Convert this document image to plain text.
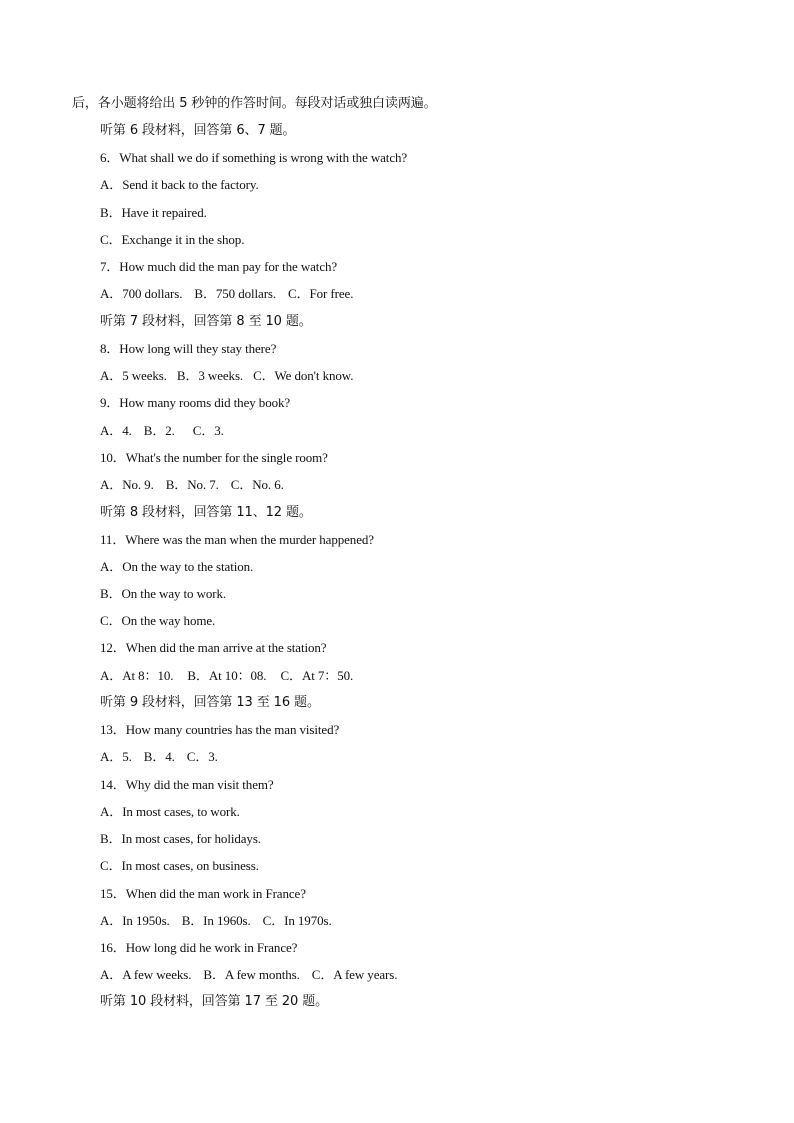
后，各小题将给出 5 秒钟的作答时间。每段对话或独白读两遍。
听第 6 段材料，回答第 6、7 题。
6．What shall we do if something is wrong with the watch?
A．Send it back to the factory.
B．Have it repaired.
C．Exchange it in the shop.
7．How much did the man pay for the watch?
A．700 dollars. B．750 dollars. C．For free.
听第 7 段材料，回答第 8 至 10 题。
8．How long will they stay there?
A．5 weeks. B．3 weeks. C．We don't know.
9．How many rooms did they book?
A．4. B．2. C．3.
10．What's the number for the single room?
A．No. 9. B．No. 7. C．No. 6.
听第 8 段材料，回答第 11、12 题。
11．Where was the man when the murder happened?
A．On the way to the station.
B．On the way to work.
C．On the way home.
12．When did the man arrive at the station?
A．At 8：10. B．At 10：08. C．At 7：50.
听第 9 段材料，回答第 13 至 16 题。
13．How many countries has the man visited?
A．5. B．4. C．3.
14．Why did the man visit them?
A．In most cases, to work.
B．In most cases, for holidays.
C．In most cases, on business.
15．When did the man work in France?
A．In 1950s. B．In 1960s. C．In 1970s.
16．How long did he work in France?
A．A few weeks. B．A few months. C．A few years.
听第 10 段材料，回答第 17 至 20 题。
